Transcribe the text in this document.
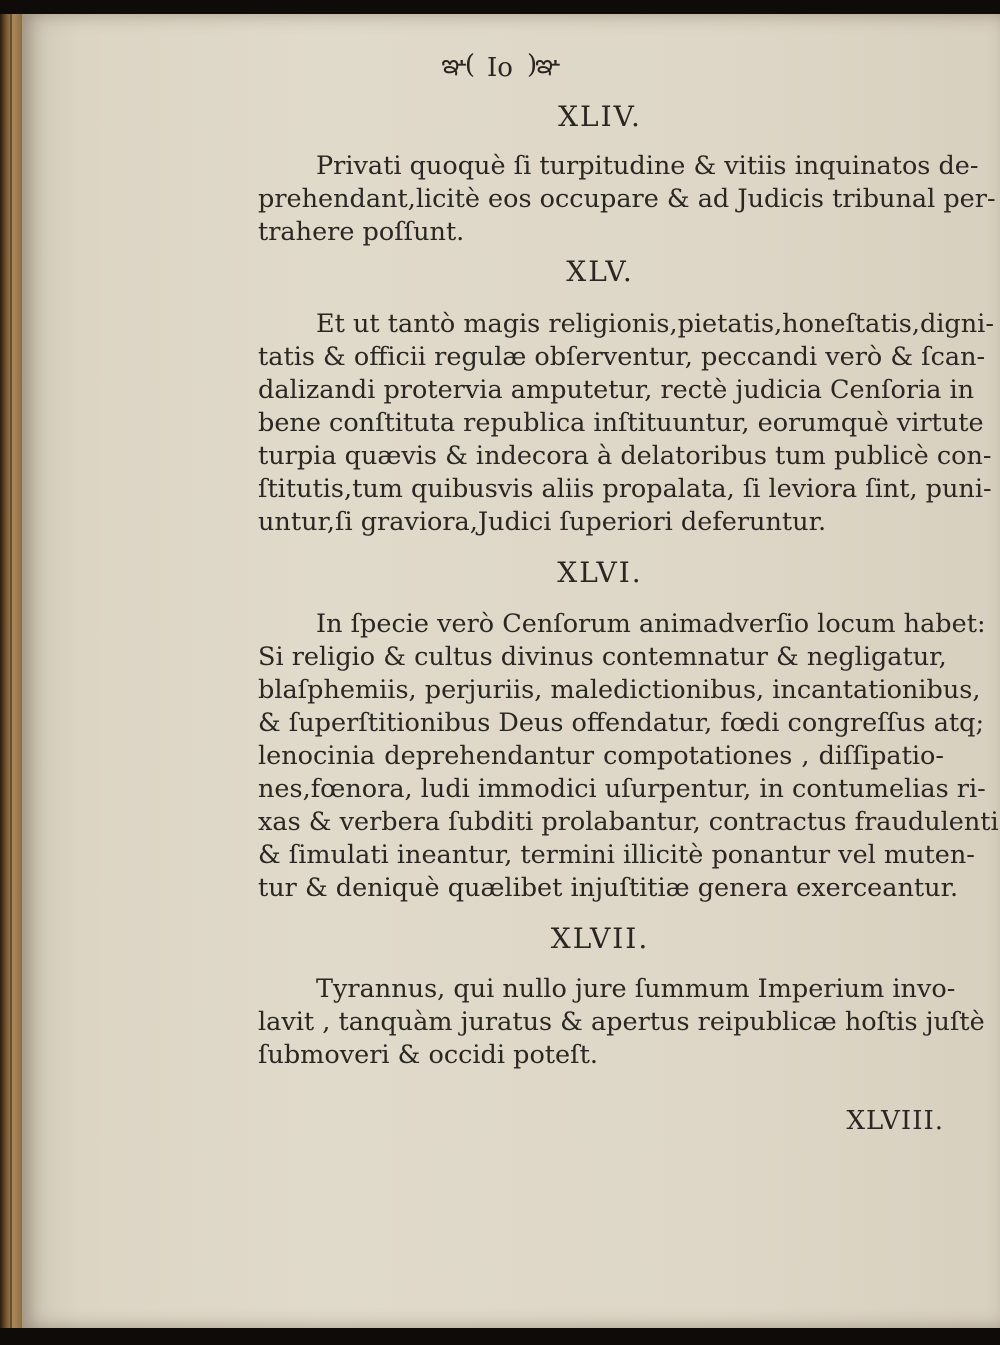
ఞ( Io )ఞ
XLIV.
Privati quoquè ſi turpitudine & vitiis inquinatos de-
prehendant,licitè eos occupare & ad Judicis tribunal per-
trahere poſſunt.
XLV.
Et ut tantò magis religionis,pietatis,honeſtatis,digni-
tatis & officii regulæ obſerventur, peccandi verò & ſcan-
dalizandi protervia amputetur, rectè judicia Cenſoria in
bene conſtituta republica inſtituuntur, eorumquè virtute
turpia quævis & indecora à delatoribus tum publicè con-
ſtitutis,tum quibusvis aliis propalata, ſi leviora ſint, puni-
untur,ſi graviora,Judici ſuperiori deferuntur.
XLVI.
In ſpecie verò Cenſorum animadverſio locum habet:
Si religio & cultus divinus contemnatur & negligatur,
blaſphemiis, perjuriis, maledictionibus, incantationibus,
& ſuperſtitionibus Deus offendatur, fœdi congreſſus atq;
lenocinia deprehendantur compotationes , diſſipatio-
nes,fœnora, ludi immodici uſurpentur, in contumelias ri-
xas & verbera ſubditi prolabantur, contractus fraudulenti
& ſimulati ineantur, termini illicitè ponantur vel muten-
tur & deniquè quælibet injuſtitiæ genera exerceantur.
XLVII.
Tyrannus, qui nullo jure ſummum Imperium invo-
lavit , tanquàm juratus & apertus reipublicæ hoſtis juſtè
ſubmoveri & occidi poteſt.
XLVIII.
